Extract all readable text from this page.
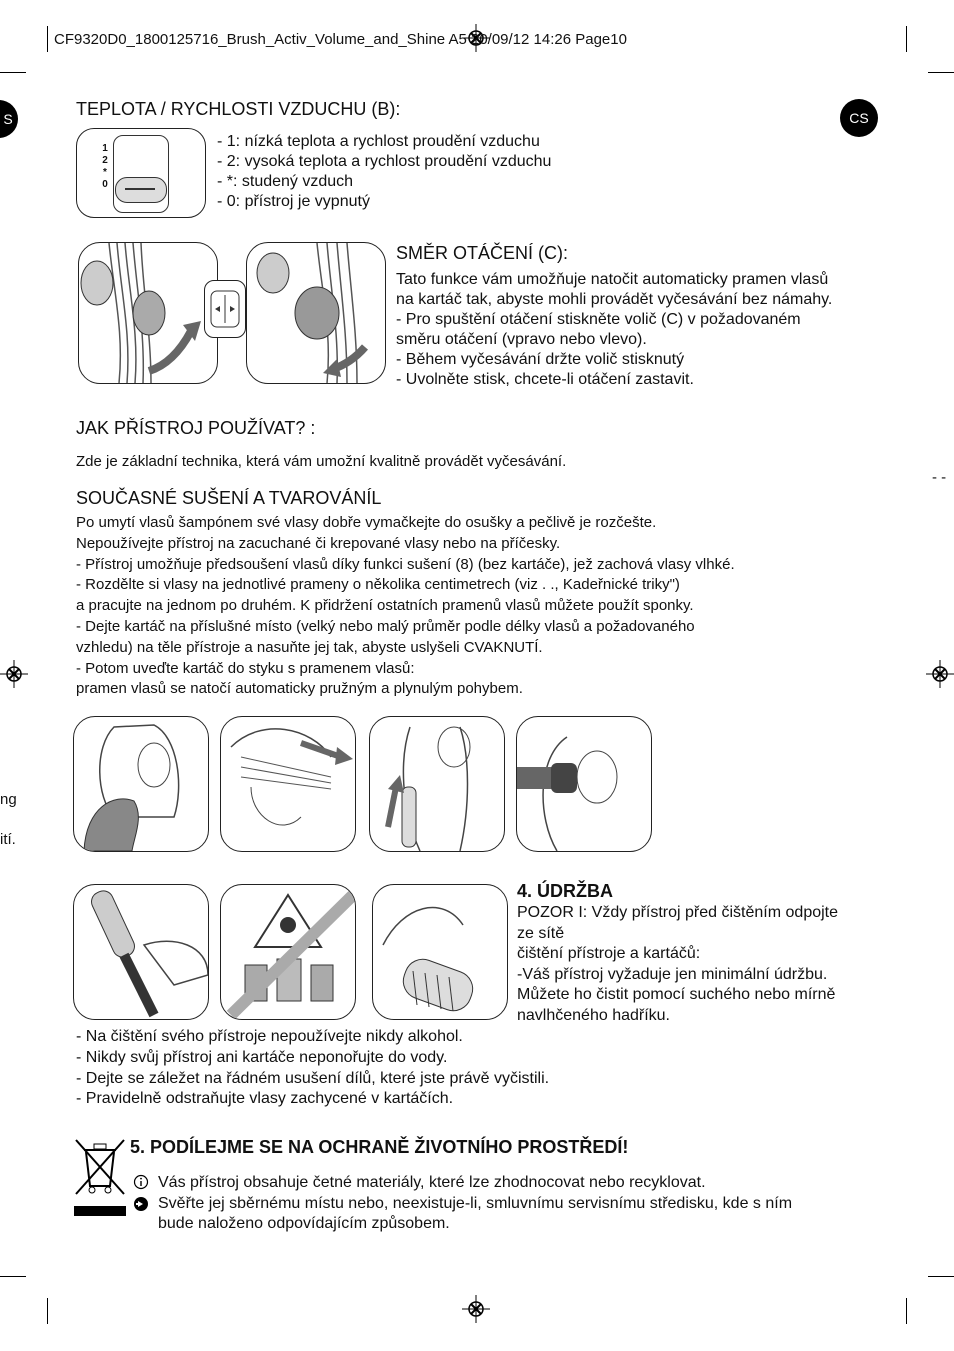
CF9320D0_1800125716_Brush_Activ_Volume_and_Shine A5 20/09/12 14:26 Page10
S	CS
ng
ití.
- -
TEPLOTA / RYCHLOSTI VZDUCHU (B):
1
2
*
0
- 1: nízká teplota a rychlost proudění vzduchu
- 2: vysoká teplota a rychlost proudění vzduchu
- *: studený vzduch
- 0: přístroj je vypnutý
SMĚR OTÁČENÍ (C):
Tato funkce vám umožňuje natočit automaticky pramen vlasů
na kartáč tak, abyste mohli provádět vyčesávání bez námahy.
- Pro spuštění otáčení stiskněte volič (C) v požadovaném
směru otáčení (vpravo nebo vlevo).
- Během vyčesávání držte volič stisknutý
- Uvolněte stisk, chcete-li otáčení zastavit.
JAK PŘÍSTROJ POUŽÍVAT? :
Zde je základní technika, která vám umožní kvalitně provádět vyčesávání.
SOUČASNÉ SUŠENÍ A TVAROVÁNÍL
Po umytí vlasů šampónem své vlasy dobře vymačkejte do osušky a pečlivě je rozčešte.
Nepoužívejte přístroj na zacuchané či krepované vlasy nebo na příčesky.
- Přístroj umožňuje předsoušení vlasů díky funkci sušení (8) (bez kartáče), jež zachová vlasy vlhké.
- Rozdělte si vlasy na jednotlivé prameny o několika centimetrech (viz . ., Kadeřnické triky")
a pracujte na jednom po druhém. K přidržení ostatních pramenů vlasů můžete použít sponky.
- Dejte kartáč na příslušné místo (velký nebo malý průměr podle délky vlasů a požadovaného
vzhledu) na těle přístroje a nasuňte jej tak, abyste uslyšeli CVAKNUTÍ.
- Potom uveďte kartáč do styku s pramenem vlasů:
pramen vlasů se natočí automaticky pružným a plynulým pohybem.
4. ÚDRŽBA
POZOR I: Vždy přístroj před čištěním odpojte
ze sítě
čištění přístroje a kartáčů:
-Váš přístroj vyžaduje jen minimální údržbu.
Můžete ho čistit pomocí suchého nebo mírně
navlhčeného hadříku.
- Na čištění svého přístroje nepoužívejte nikdy alkohol.
- Nikdy svůj přístroj ani kartáče neponořujte do vody.
- Dejte se záležet na řádném usušení dílů, které jste právě vyčistili.
- Pravidelně odstraňujte vlasy zachycené v kartáčích.
5. PODÍLEJME SE NA OCHRANĚ ŽIVOTNÍHO PROSTŘEDÍ!
Vás přístroj obsahuje četné materiály, které lze zhodnocovat nebo recyklovat.
Svěřte jej sběrnému místu nebo, neexistuje-li, smluvnímu servisnímu středisku, kde s ním
bude naloženo odpovídajícím způsobem.
